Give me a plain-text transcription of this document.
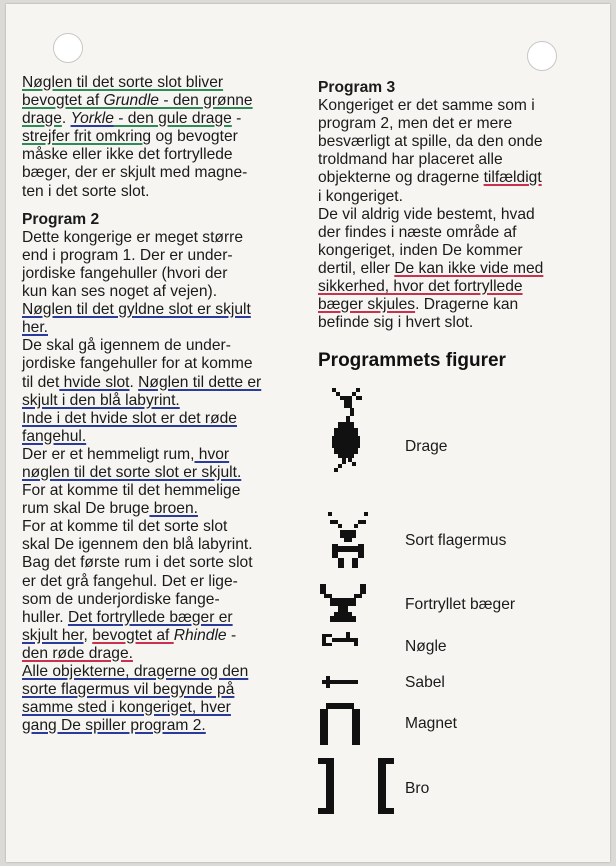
Nøglen til det sorte slot bliver

bevogtet af Grundle - den grønne

drage. Yorkle - den gule drage -

strejfer frit omkring og bevogter

måske eller ikke det fortryllede

bæger, der er skjult med magne-

ten i det sorte slot.

Program 2

Dette kongerige er meget større

end i program 1. Der er under-

jordiske fangehuller (hvori der

kun kan ses noget af vejen).

Nøglen til det gyldne slot er skjult

her.

De skal gå igennem de under-

jordiske fangehuller for at komme

til det hvide slot. Nøglen til dette er

skjult i den blå labyrint.

Inde i det hvide slot er det røde

fangehul.

Der er et hemmeligt rum, hvor

nøglen til det sorte slot er skjult.

For at komme til det hemmelige

rum skal De bruge broen.

For at komme til det sorte slot

skal De igennem den blå labyrint.

Bag det første rum i det sorte slot

er det grå fangehul. Det er lige-

som de underjordiske fange-

huller. Det fortryllede bæger er

skjult her, bevogtet af Rhindle -

den røde drage.

Alle objekterne, dragerne og den

sorte flagermus vil begynde på

samme sted i kongeriget, hver

gang De spiller program 2.

Program 3

Kongeriget er det samme som i

program 2, men det er mere

besværligt at spille, da den onde

troldmand har placeret alle

objekterne og dragerne tilfældigt

i kongeriget.

De vil aldrig vide bestemt, hvad

der findes i næste område af

kongeriget, inden De kommer

dertil, eller De kan ikke vide med

sikkerhed, hvor det fortryllede

bæger skjules. Dragerne kan

befinde sig i hvert slot.

Programmets figurer
Drage
Sort flagermus
Fortryllet bæger
Nøgle
Sabel
Magnet
Bro
